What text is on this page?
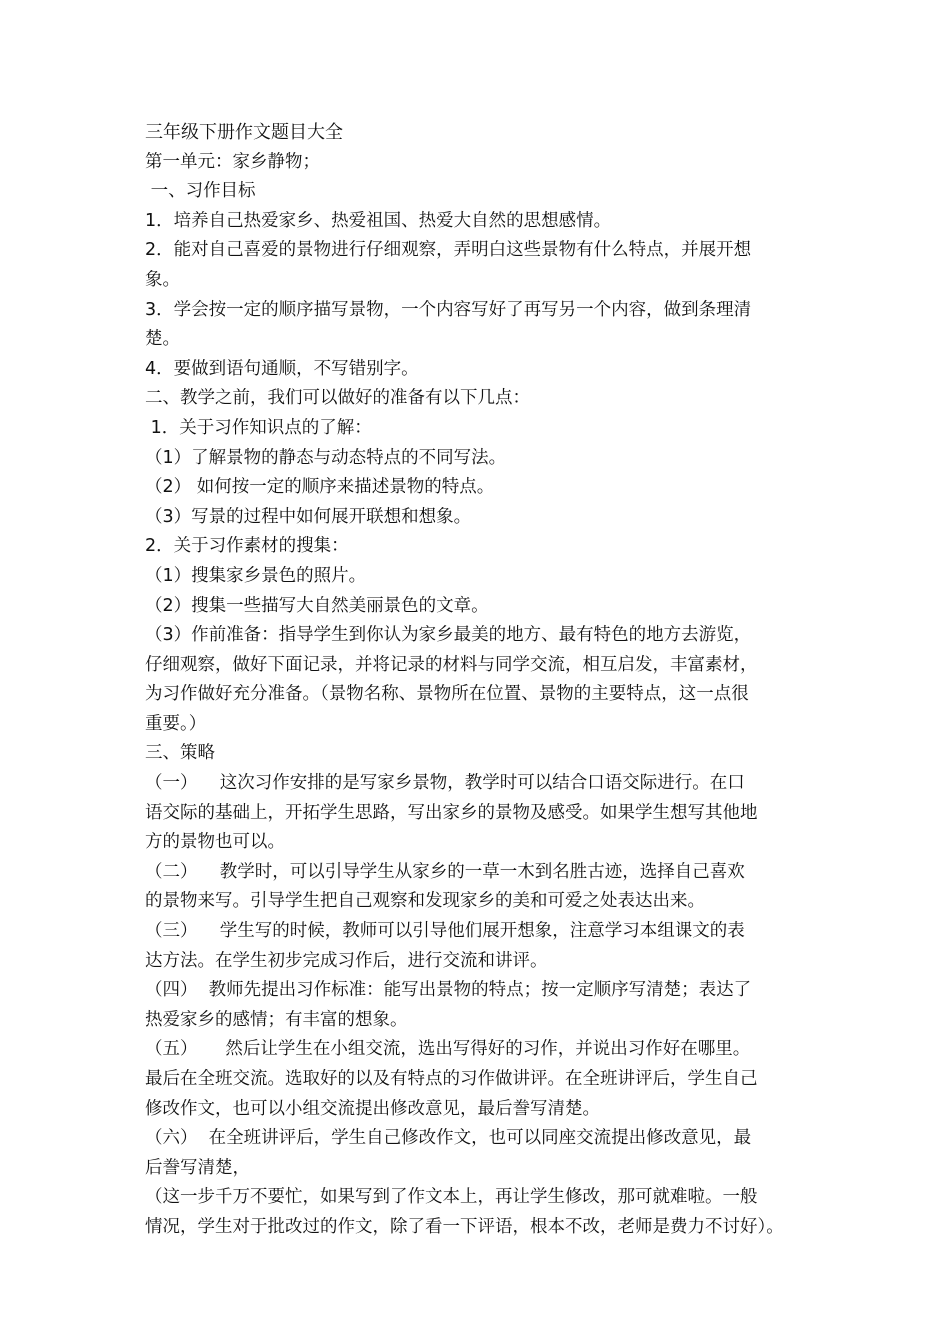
三年级下册作文题目大全
第一单元：家乡静物；
一、习作目标
1．培养自己热爱家乡、热爱祖国、热爱大自然的思想感情。
2．能对自己喜爱的景物进行仔细观察，弄明白这些景物有什么特点，并展开想
象。
3．学会按一定的顺序描写景物，一个内容写好了再写另一个内容，做到条理清
楚。
4．要做到语句通顺，不写错别字。
二、教学之前，我们可以做好的准备有以下几点：
1．关于习作知识点的了解：
（1）了解景物的静态与动态特点的不同写法。
（2） 如何按一定的顺序来描述景物的特点。
（3）写景的过程中如何展开联想和想象。
2．关于习作素材的搜集：
（1）搜集家乡景色的照片。
（2）搜集一些描写大自然美丽景色的文章。
（3）作前准备：指导学生到你认为家乡最美的地方、最有特色的地方去游览，
仔细观察，做好下面记录，并将记录的材料与同学交流，相互启发，丰富素材，
为习作做好充分准备。（景物名称、景物所在位置、景物的主要特点，这一点很
重要。）
三、策略
（一）    这次习作安排的是写家乡景物，教学时可以结合口语交际进行。在口
语交际的基础上，开拓学生思路，写出家乡的景物及感受。如果学生想写其他地
方的景物也可以。
（二）    教学时，可以引导学生从家乡的一草一木到名胜古迹，选择自己喜欢
的景物来写。引导学生把自己观察和发现家乡的美和可爱之处表达出来。
（三）    学生写的时候，教师可以引导他们展开想象，注意学习本组课文的表
达方法。在学生初步完成习作后，进行交流和讲评。
（四）  教师先提出习作标准：能写出景物的特点；按一定顺序写清楚；表达了
热爱家乡的感情；有丰富的想象。
（五）     然后让学生在小组交流，选出写得好的习作，并说出习作好在哪里。
最后在全班交流。选取好的以及有特点的习作做讲评。在全班讲评后，学生自己
修改作文，也可以小组交流提出修改意见，最后誊写清楚。
（六）  在全班讲评后，学生自己修改作文，也可以同座交流提出修改意见，最
后誊写清楚，
（这一步千万不要忙，如果写到了作文本上，再让学生修改，那可就难啦。一般
情况，学生对于批改过的作文，除了看一下评语，根本不改，老师是费力不讨好）。
